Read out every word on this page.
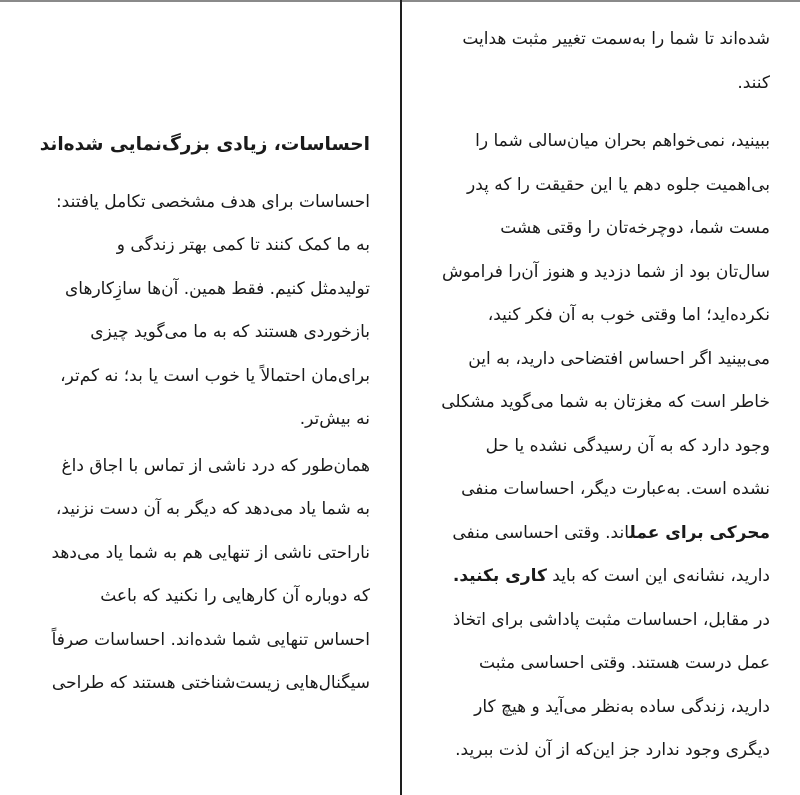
احساسات، زیادی بزرگ‌نمایی شده‌اند

احساسات برای هدف مشخصی تکامل یافتند:
به ما کمک کنند تا کمی بهتر زندگی و
تولیدمثل کنیم. فقط همین. آن‌ها سازِکارهای
بازخوردی هستند که به ما می‌گوید چیزی
برای‌مان احتمالاً یا خوب است یا بد؛ نه کم‌تر،
نه بیش‌تر.

همان‌طور که درد ناشی از تماس با اجاق داغ
به شما یاد می‌دهد که دیگر به آن دست نزنید،
ناراحتی ناشی از تنهایی هم به شما یاد می‌دهد
که دوباره آن کارهایی را نکنید که باعث
احساس تنهایی شما شده‌اند. احساسات صرفاً
سیگنال‌هایی زیست‌شناختی هستند که طراحی

شده‌اند تا شما را به‌سمت تغییر مثبت هدایت
کنند.

ببینید، نمی‌خواهم بحران میان‌سالی شما را
بی‌اهمیت جلوه دهم یا این حقیقت را که پدر
مست شما، دوچرخه‌تان را وقتی هشت
سال‌تان بود از شما دزدید و هنوز آن‌را فراموش
نکرده‌اید؛ اما وقتی خوب به آن فکر کنید،
می‌بینید اگر احساس افتضاحی دارید، به این
خاطر است که مغزتان به شما می‌گوید مشکلی
وجود دارد که به آن رسیدگی نشده یا حل
نشده است. به‌عبارت دیگر، احساسات منفی
محرکی برای عملاند. وقتی احساسی منفی
دارید، نشانه‌ی این است که باید کاری بکنید.

در مقابل، احساسات مثبت پاداشی برای اتخاذ
عمل درست هستند. وقتی احساسی مثبت
دارید، زندگی ساده به‌نظر می‌آید و هیچ کار
دیگری وجود ندارد جز این‌که از آن لذت ببرید.
